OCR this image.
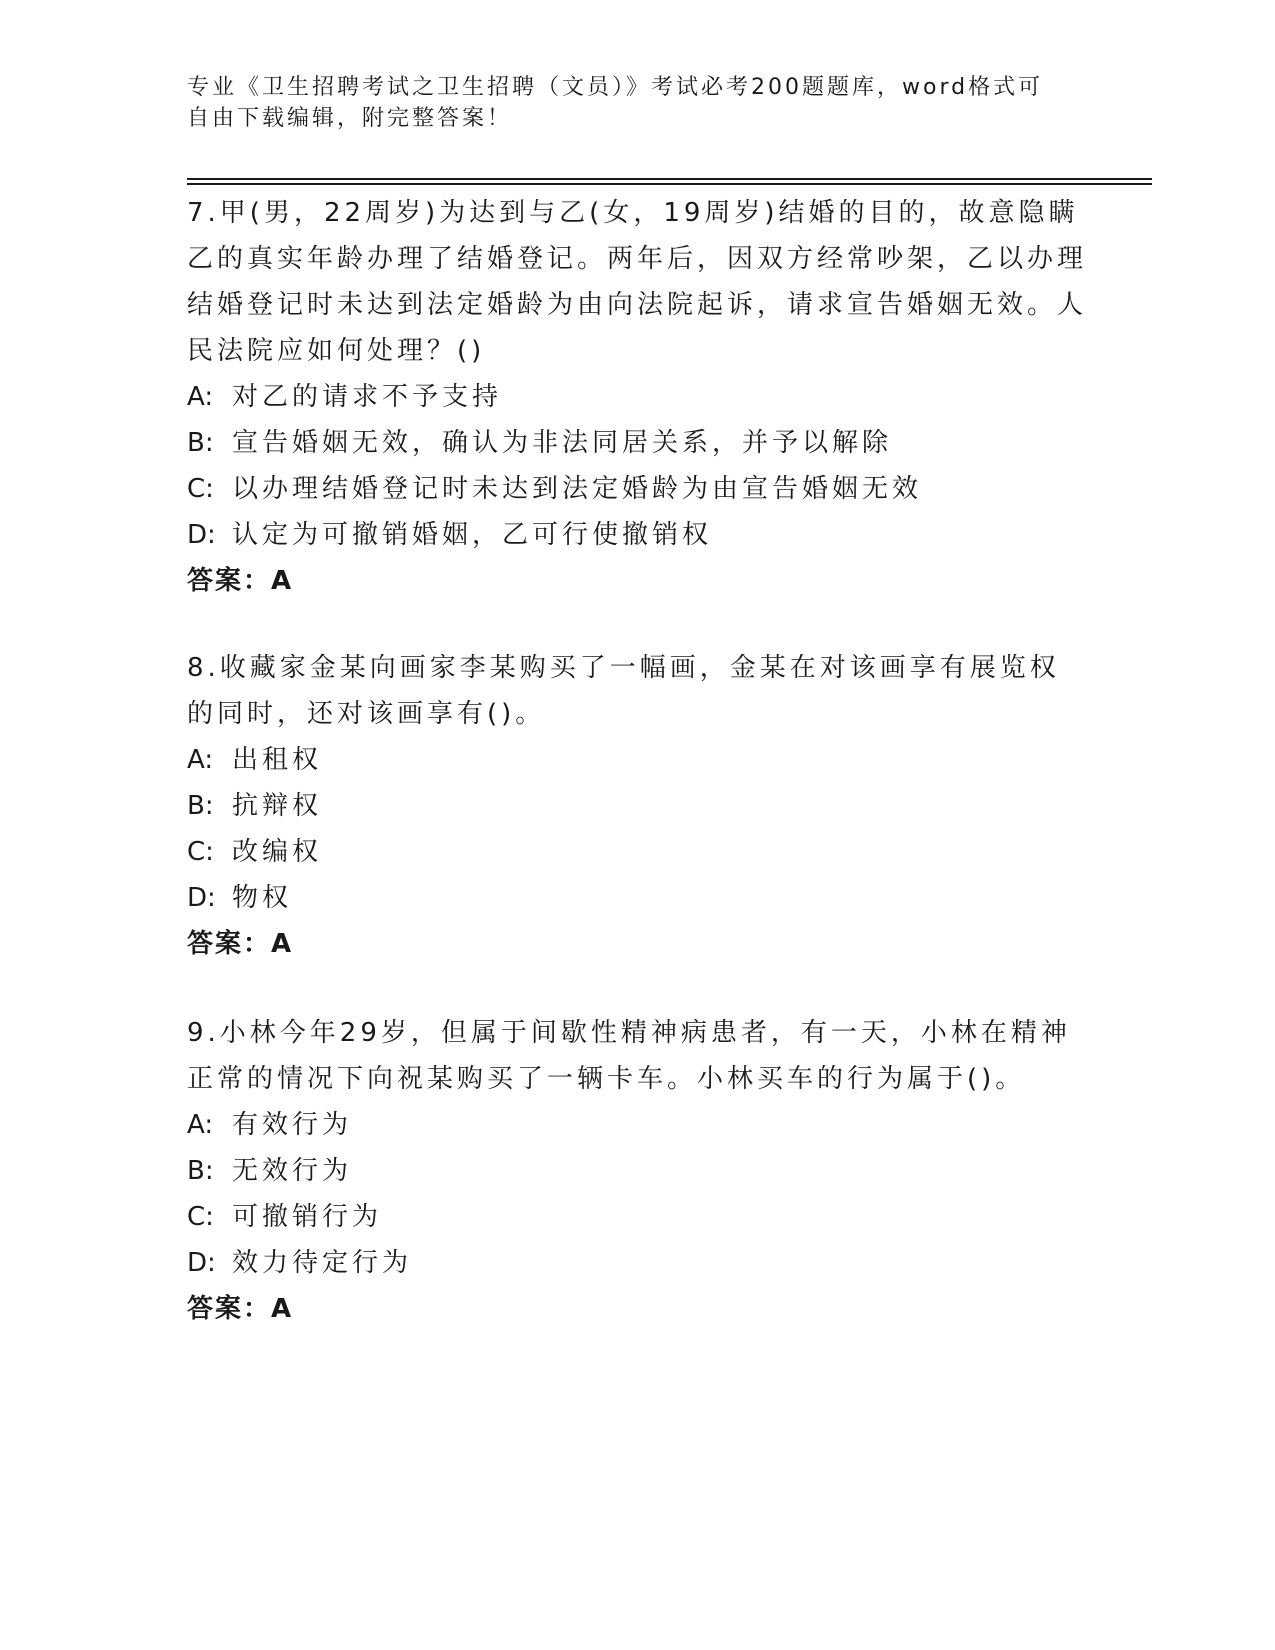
专业《卫生招聘考试之卫生招聘（文员）》考试必考200题题库，word格式可自由下载编辑，附完整答案！

7.甲(男，22周岁)为达到与乙(女，19周岁)结婚的目的，故意隐瞒乙的真实年龄办理了结婚登记。两年后，因双方经常吵架，乙以办理结婚登记时未达到法定婚龄为由向法院起诉，请求宣告婚姻无效。人民法院应如何处理？()

A: 对乙的请求不予支持

B: 宣告婚姻无效，确认为非法同居关系，并予以解除

C: 以办理结婚登记时未达到法定婚龄为由宣告婚姻无效

D: 认定为可撤销婚姻，乙可行使撤销权

答案：A

8.收藏家金某向画家李某购买了一幅画，金某在对该画享有展览权的同时，还对该画享有()。

A: 出租权

B: 抗辩权

C: 改编权

D: 物权

答案：A

9.小林今年29岁，但属于间歇性精神病患者，有一天，小林在精神正常的情况下向祝某购买了一辆卡车。小林买车的行为属于()。

A: 有效行为

B: 无效行为

C: 可撤销行为

D: 效力待定行为

答案：A
